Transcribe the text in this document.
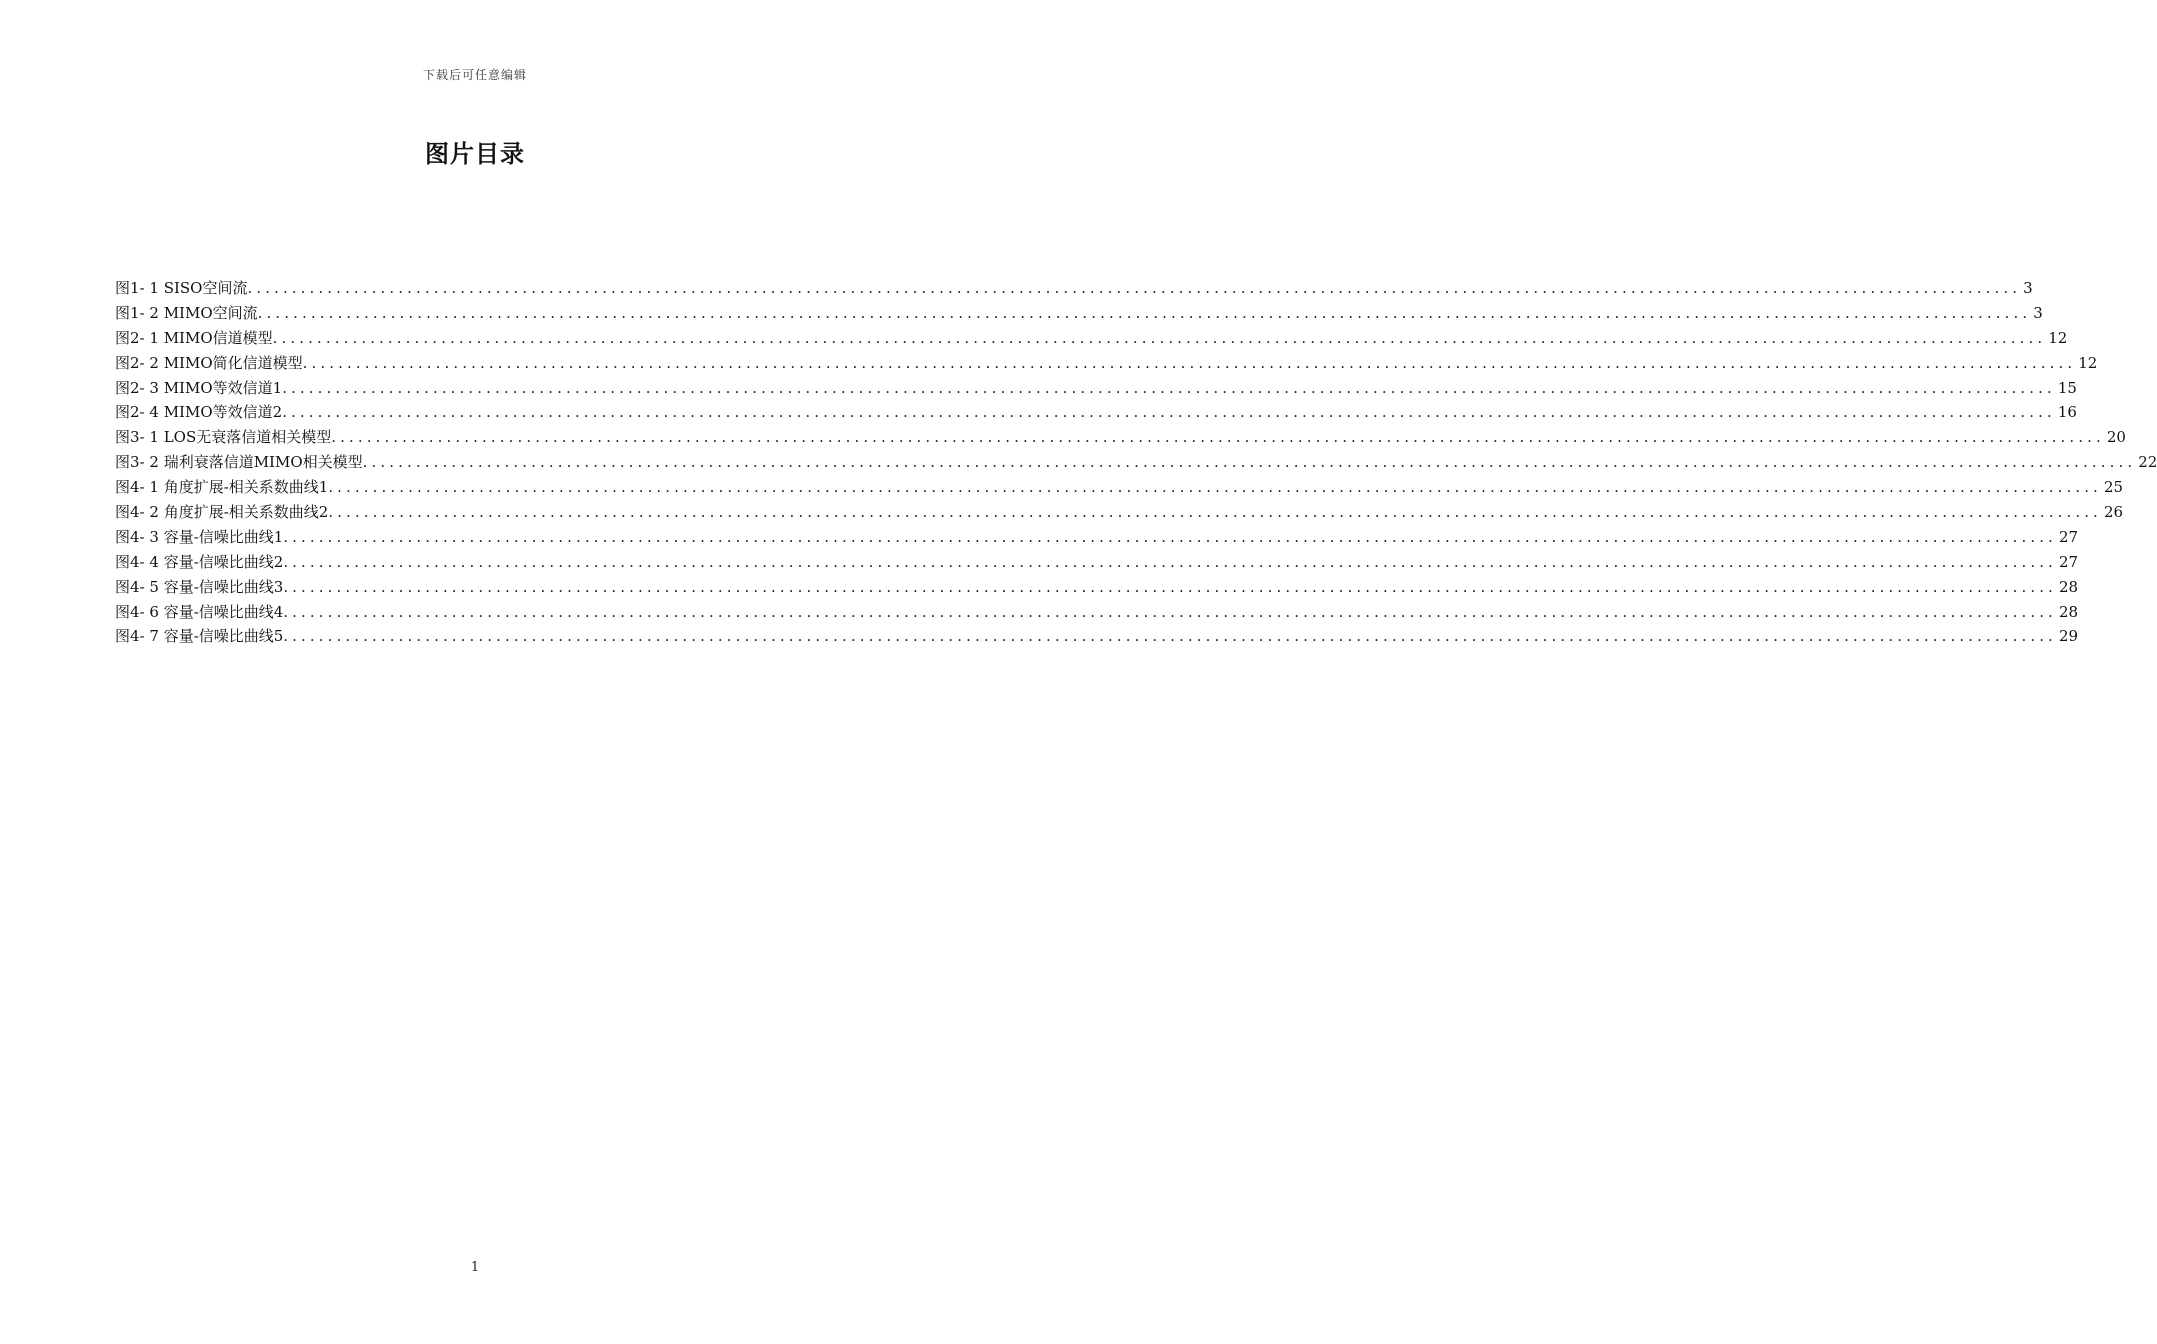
下载后可任意编辑
图片目录
图1- 1 SISO空间流 ........................................................................................................................................................................................................ 3
图1- 2 MIMO空间流 ........................................................................................................................................................................................................ 3
图2- 1 MIMO信道模型 ........................................................................................................................................................................................................ 12
图2- 2 MIMO简化信道模型 ........................................................................................................................................................................................................ 12
图2- 3 MIMO等效信道1 ........................................................................................................................................................................................................ 15
图2- 4 MIMO等效信道2 ........................................................................................................................................................................................................ 16
图3- 1 LOS无衰落信道相关模型 ........................................................................................................................................................................................................ 20
图3- 2 瑞利衰落信道MIMO相关模型 ........................................................................................................................................................................................................ 22
图4- 1 角度扩展-相关系数曲线1 ........................................................................................................................................................................................................ 25
图4- 2 角度扩展-相关系数曲线2 ........................................................................................................................................................................................................ 26
图4- 3 容量-信噪比曲线1 ........................................................................................................................................................................................................ 27
图4- 4 容量-信噪比曲线2 ........................................................................................................................................................................................................ 27
图4- 5 容量-信噪比曲线3 ........................................................................................................................................................................................................ 28
图4- 6 容量-信噪比曲线4 ........................................................................................................................................................................................................ 28
图4- 7 容量-信噪比曲线5 ........................................................................................................................................................................................................ 29
1
